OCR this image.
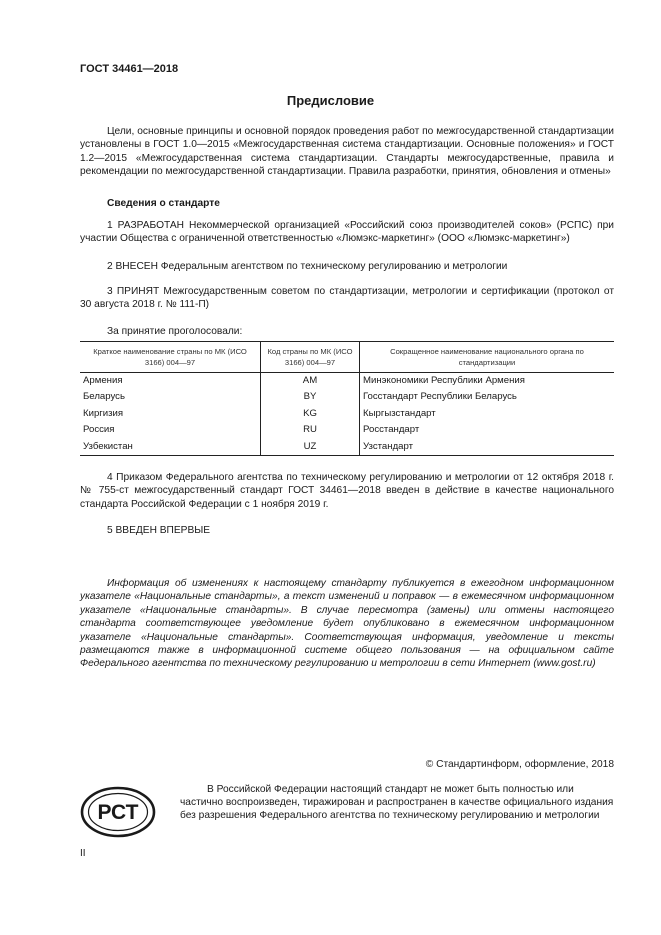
ГОСТ 34461—2018
Предисловие
Цели, основные принципы и основной порядок проведения работ по межгосударственной стандартизации установлены в ГОСТ 1.0—2015 «Межгосударственная система стандартизации. Основные положения» и ГОСТ 1.2—2015 «Межгосударственная система стандартизации. Стандарты межгосударственные, правила и рекомендации по межгосударственной стандартизации. Правила разработки, принятия, обновления и отмены»
Сведения о стандарте
1 РАЗРАБОТАН Некоммерческой организацией «Российский союз производителей соков» (РСПС) при участии Общества с ограниченной ответственностью «Люмэкс-маркетинг» (ООО «Люмэкс-маркетинг»)
2 ВНЕСЕН Федеральным агентством по техническому регулированию и метрологии
3 ПРИНЯТ Межгосударственным советом по стандартизации, метрологии и сертификации (протокол от 30 августа 2018 г. № 111-П)
За принятие проголосовали:
Краткое наименование страны по МК (ИСО 3166) 004—97	Код страны по МК (ИСО 3166) 004—97	Сокращенное наименование национального органа по стандартизации
Армения	AM	Минэкономики Республики Армения
Беларусь	BY	Госстандарт Республики Беларусь
Киргизия	KG	Кыргызстандарт
Россия	RU	Росстандарт
Узбекистан	UZ	Узстандарт
4 Приказом Федерального агентства по техническому регулированию и метрологии от 12 октября 2018 г. № 755-ст межгосударственный стандарт ГОСТ 34461—2018 введен в действие в качестве национального стандарта Российской Федерации с 1 ноября 2019 г.
5 ВВЕДЕН ВПЕРВЫЕ
Информация об изменениях к настоящему стандарту публикуется в ежегодном информационном указателе «Национальные стандарты», а текст изменений и поправок — в ежемесячном информационном указателе «Национальные стандарты». В случае пересмотра (замены) или отмены настоящего стандарта соответствующее уведомление будет опубликовано в ежемесячном информационном указателе «Национальные стандарты». Соответствующая информация, уведомление и тексты размещаются также в информационной системе общего пользования — на официальном сайте Федерального агентства по техническому регулированию и метрологии в сети Интернет (www.gost.ru)
© Стандартинформ, оформление, 2018
РСТ
В Российской Федерации настоящий стандарт не может быть полностью или частично воспроизведен, тиражирован и распространен в качестве официального издания без разрешения Федерального агентства по техническому регулированию и метрологии
II
